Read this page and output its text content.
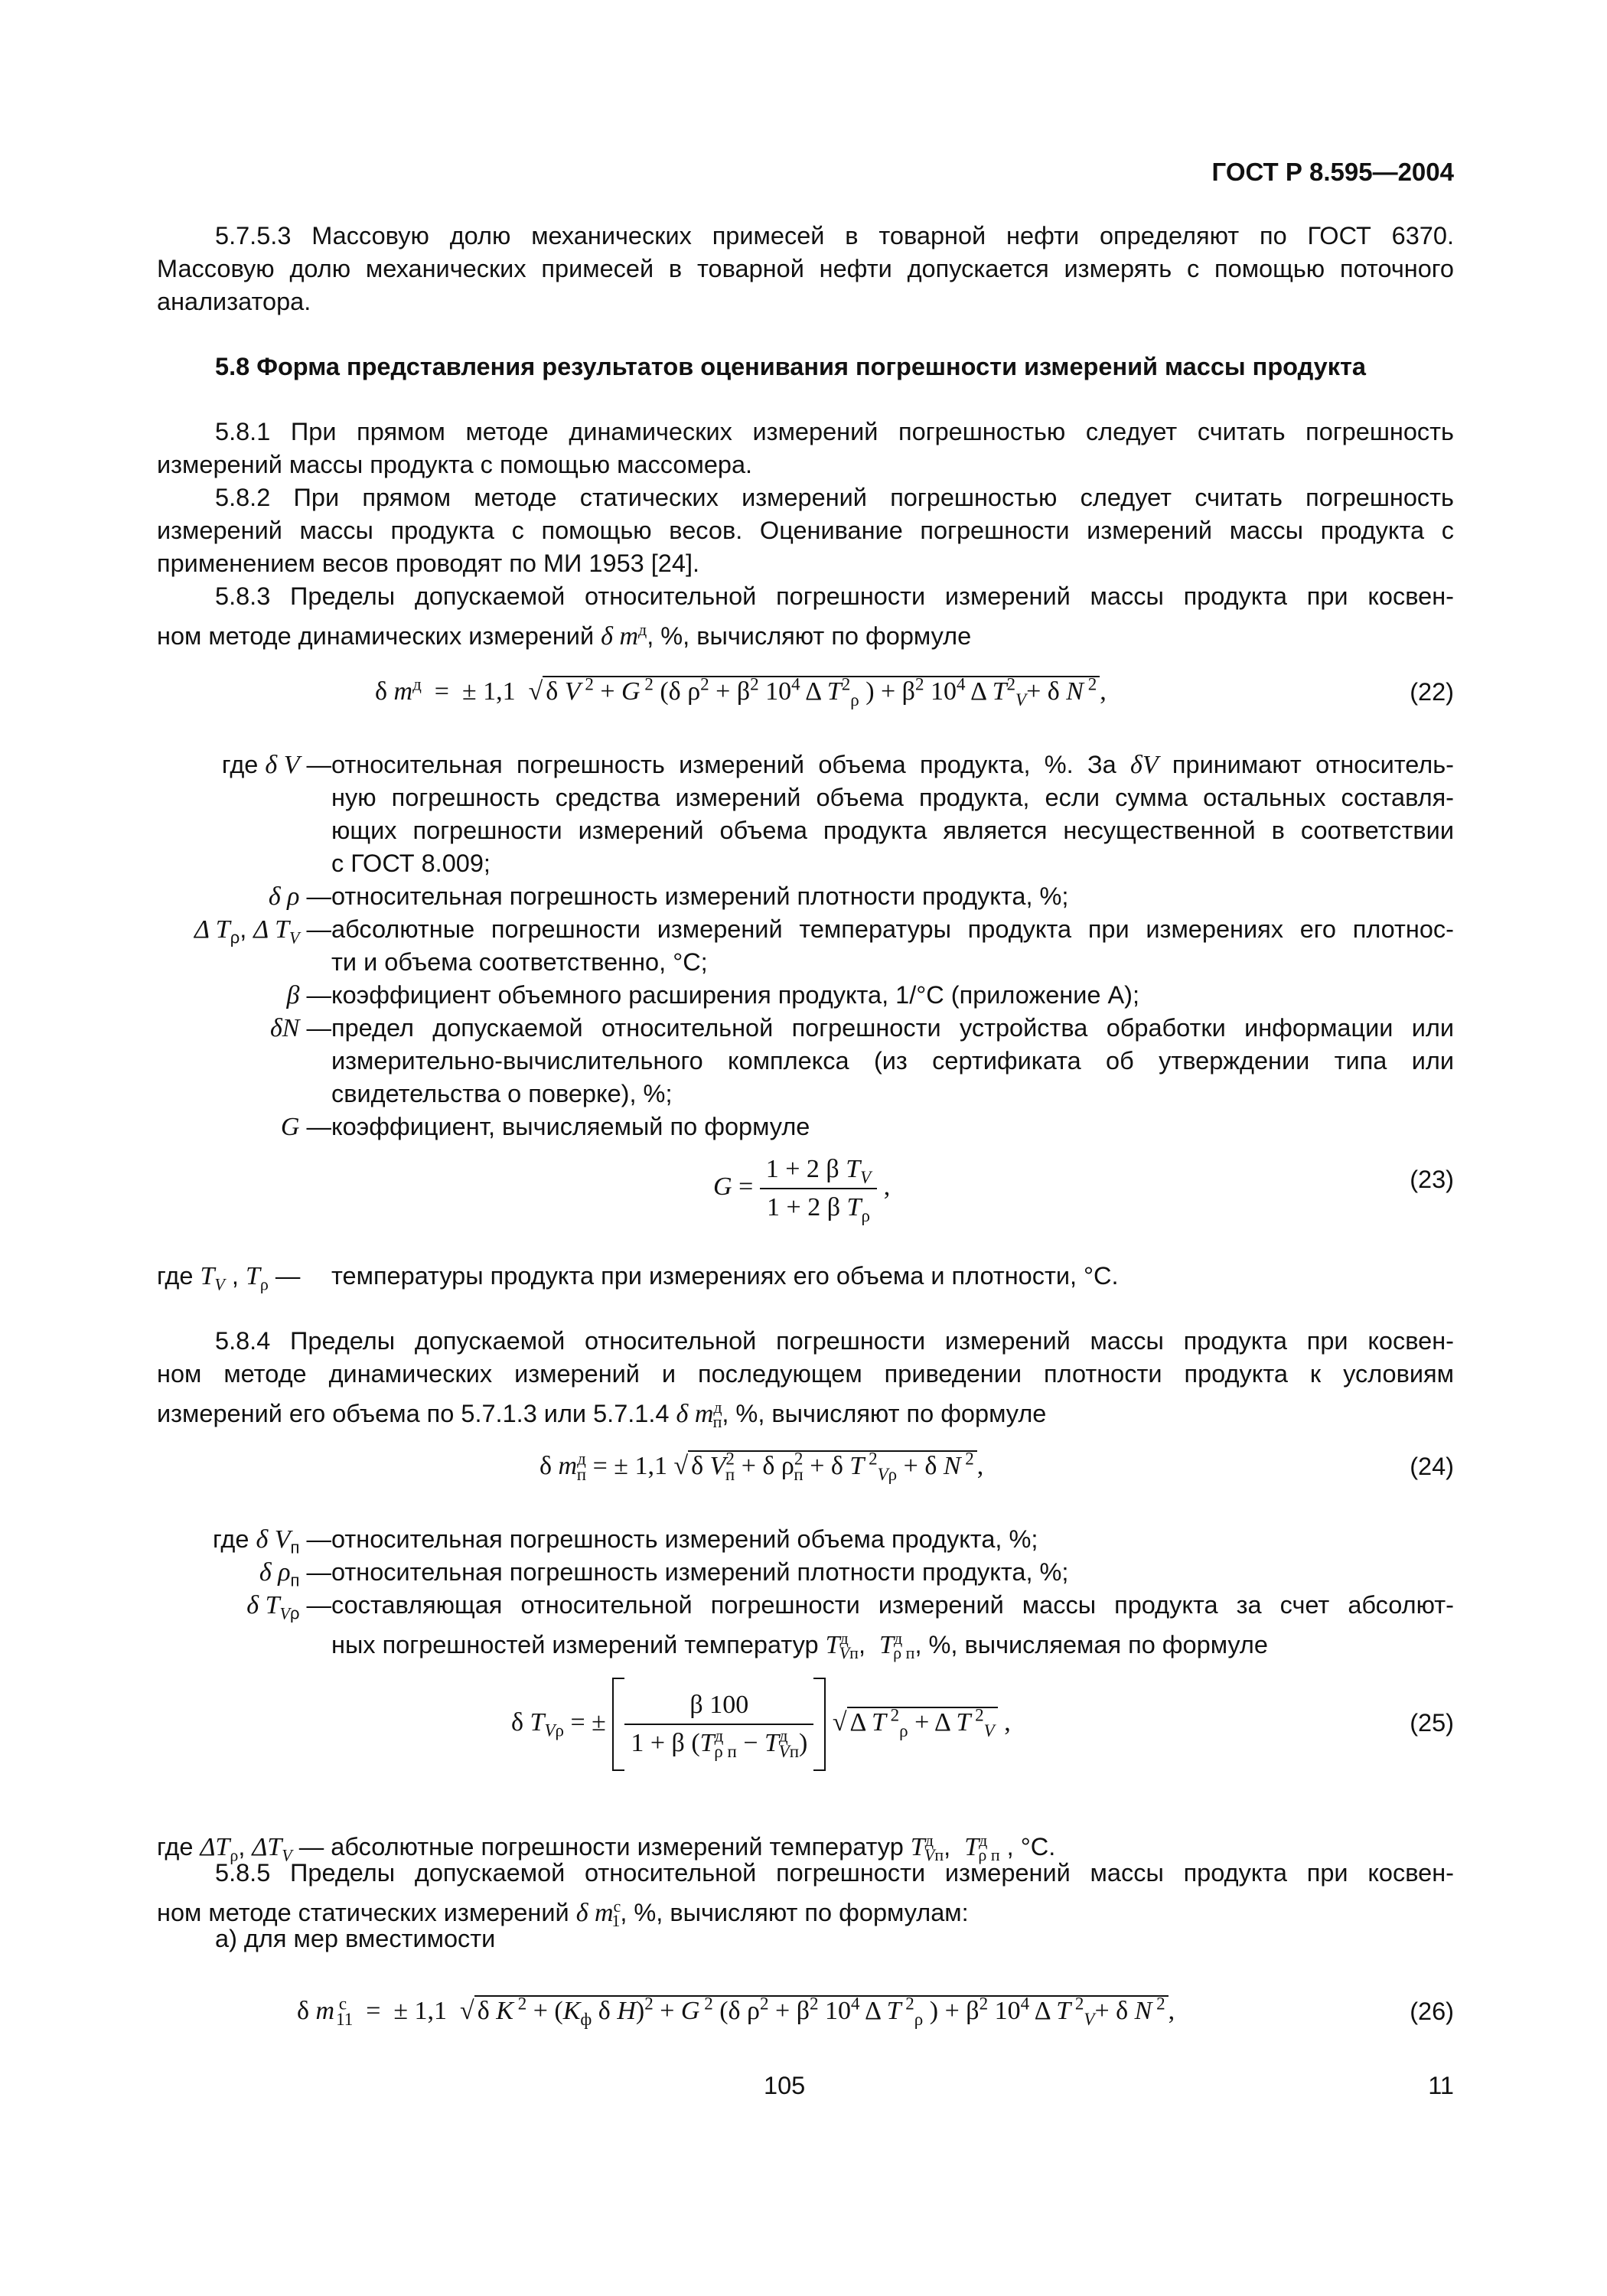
ГОСТ Р 8.595—2004
5.7.5.3 Массовую долю механических примесей в товарной нефти определяют по ГОСТ 6370.
Массовую долю механических примесей в товарной нефти допускается измерять с помощью поточного
анализатора.
5.8 Форма представления результатов оценивания погрешности измерений массы продукта
5.8.1 При прямом методе динамических измерений погрешностью следует считать погрешность
измерений массы продукта с помощью массомера.
5.8.2 При прямом методе статических измерений погрешностью следует считать погрешность
измерений массы продукта с помощью весов. Оценивание погрешности измерений массы продукта с
применением весов проводят по МИ 1953 [24].
5.8.3 Пределы допускаемой относительной погрешности измерений массы продукта при косвен-
ном методе динамических измерений δ $m^д$, %, вычисляют по формуле
δ $m^д$  =  ± 1,1  √ δ V $^2$ + G $^2$ (δ $\rho^2 + \beta^2$ $10^4$ Δ $T^2_\rho$ ) + $\beta^2$ $10^4$ Δ $T^2_V+ \delta$ N $^2$ ,	(22)
где δ V — относительная погрешность измерений объема продукта, %. За δV принимают относитель-
ную погрешность средства измерений объема продукта, если сумма остальных составля-
ющих погрешности измерений объема продукта является несущественной в соответствии
с ГОСТ 8.009;
δ ρ — относительная погрешность измерений плотности продукта, %;
Δ $T_\rho$, Δ $T_V$ — абсолютные погрешности измерений температуры продукта при измерениях его плотнос-
ти и объема соответственно, °С;
β — коэффициент объемного расширения продукта, 1/°С (приложение А);
δN — предел допускаемой относительной погрешности устройства обработки информации или
измерительно-вычислительного комплекса (из сертификата об утверждении типа или
свидетельства о поверке), %;
G — коэффициент, вычисляемый по формуле
$G = \frac{1 + 2 \beta T_V}{1 + 2 \beta T_\rho}$ ,	(23)
где $T_V$ , $T_\rho$ — температуры продукта при измерениях его объема и плотности, °С.
5.8.4 Пределы допускаемой относительной погрешности измерений массы продукта при косвен-
ном методе динамических измерений и последующем приведении плотности продукта к условиям
измерений его объема по 5.7.1.3 или 5.7.1.4 δ $m^д_п$, %, вычисляют по формуле
δ $m^д_п$ = ± 1,1 √ δ $V^2_п + \delta$ $\rho^2_п + \delta$ T $^2_{V\rho}$ + δ N $^2$ ,	(24)
где δ $V_п$ — относительная погрешность измерений объема продукта, %;
δ $\rho_п$ — относительная погрешность измерений плотности продукта, %;
δ $T_{V\rho}$ — составляющая относительной погрешности измерений массы продукта за счет абсолют-
ных погрешностей измерений температур $T^д_{Vп}$,  $T^д_{\rho п}$, %, вычисляемая по формуле
δ $T_{V\rho}$ = ± $\frac{\beta 100}{1 + \beta (T^д_{\rho п} - T^д_{Vп})}$ √ Δ T $^2_\rho$ + Δ T $^2_V$ ,	(25)
где $\Delta T_\rho$, $\Delta T_V$ — абсолютные погрешности измерений температур $T^д_{Vп}$,  $T^д_{\rho п}$ , °С.
5.8.5 Пределы допускаемой относительной погрешности измерений массы продукта при косвен-
ном методе статических измерений δ $m^с_1$, %, вычисляют по формулам:
а) для мер вместимости
δ m $^с_{11}$  =  ± 1,1  √ δ K $^2 + (K_ф$ δ H)$^2$ + G $^2$ (δ $\rho^2 + \beta^2$ $10^4$ Δ T $^2_\rho$ ) + $\beta^2$ $10^4$ Δ T $^2_V$+ δ N $^2$ ,	(26)
105	11
